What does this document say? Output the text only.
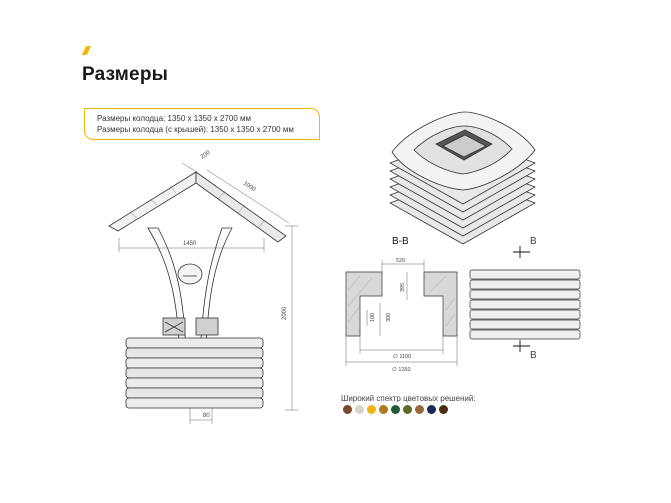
Размеры
Размеры колодца: 1350 x 1350 x 2700 мм
Размеры колодца (с крышей): 1350 x 1350 x 2700 мм
200
1000
1450
2000
80
520
395
300
100
∅ 1100
∅ 1260
B
B
B-B
Широкий спектр цветовых решений:
